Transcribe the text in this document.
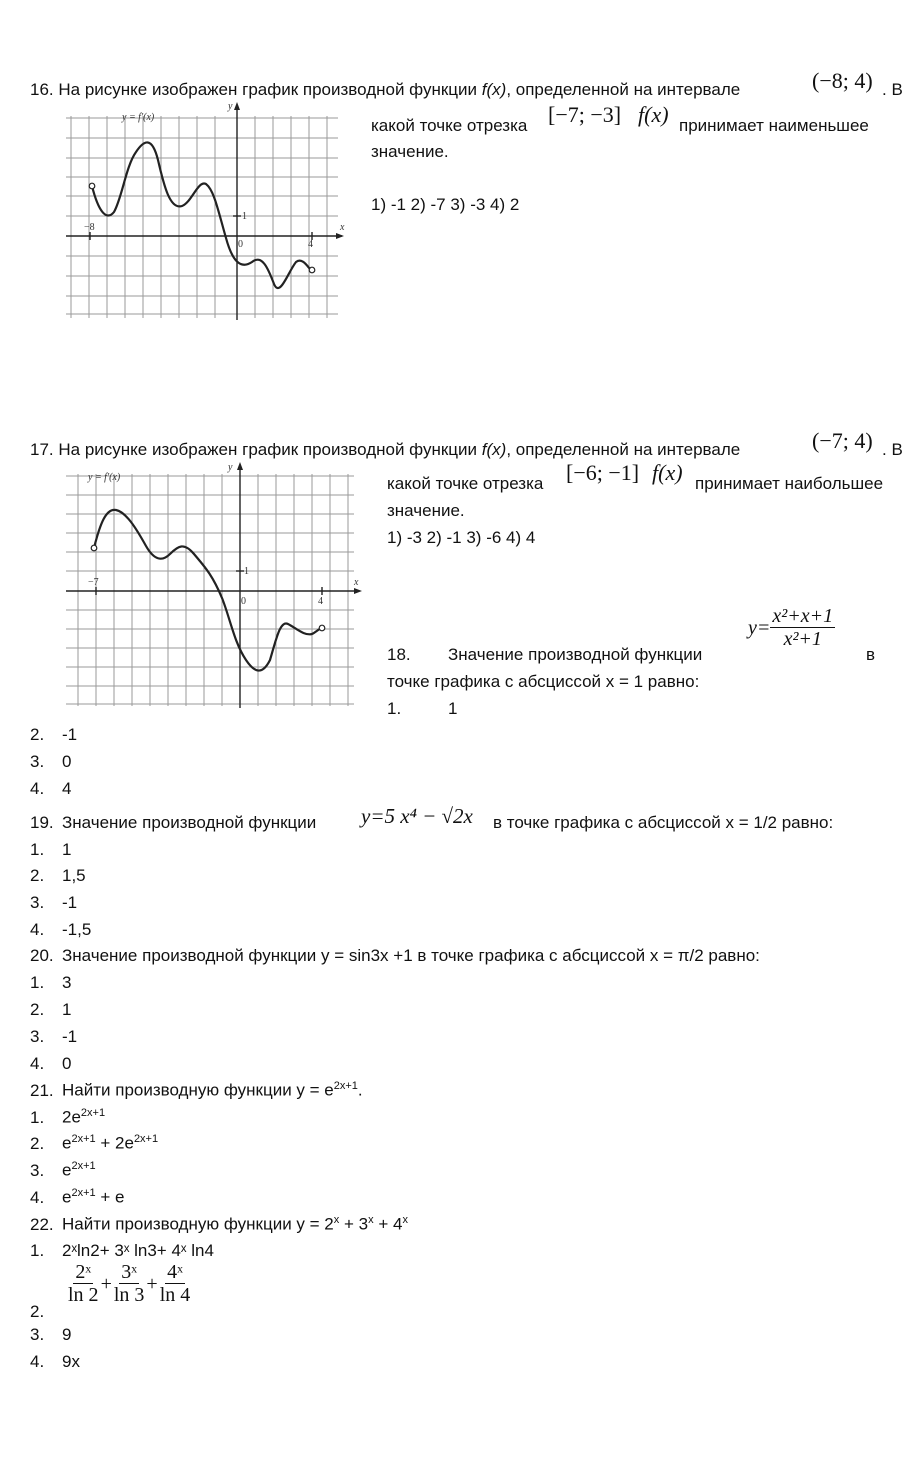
16. На рисунке изображен график производной функции f(x), определенной на интервале	(−8; 4) . В
какой точке отрезка [−7; −3] f(x) принимает наименьшее
значение.
1) -1 2) -7 3) -3 4) 2
y = f′(x)
y
x
−8
0	4
1
17. На рисунке изображен график производной функции f(x), определенной на интервале	(−7; 4) . В
какой точке отрезка [−6; −1] f(x) принимает наибольшее
значение.
1) -3 2) -1 3) -6 4) 4
y = f′(x)
y
x
−7
0	4
1
18. Значение производной функции
$y= \frac{\text{x²+x+1}}{\text{x²+1}}$
в
точке графика с абсциссой х = 1 равно:
1.	1
2. -1
3. 0
4. 4
19. Значение производной функции y=5 x⁴ − √2x в точке графика с абсциссой х = 1/2 равно:
1. 1
2. 1,5
3. -1
4. -1,5
20. Значение производной функции у = sin3х +1 в точке графика с абсциссой х = π/2 равно:
1. 3
2. 1
3. -1
4. 0
21. Найти производную функции $у = е^{2х+1}$.
1. $2е^{2х+1}$
2. $е^{2х+1} + 2е^{2х+1}$
3. $е^{2х+1}$
4. $е^{2х+1} + е$
22. Найти производную функции $у = 2^х + 3^х + 4^х$
1. 2ˣln2+ 3ˣ ln3+ 4ˣ ln4
$\frac{\text{2ˣ}}{\ln 2} + \frac{\text{3ˣ}}{\ln 3} + \frac{\text{4ˣ}}{\ln 4}$
2.
3. 9
4. 9х
